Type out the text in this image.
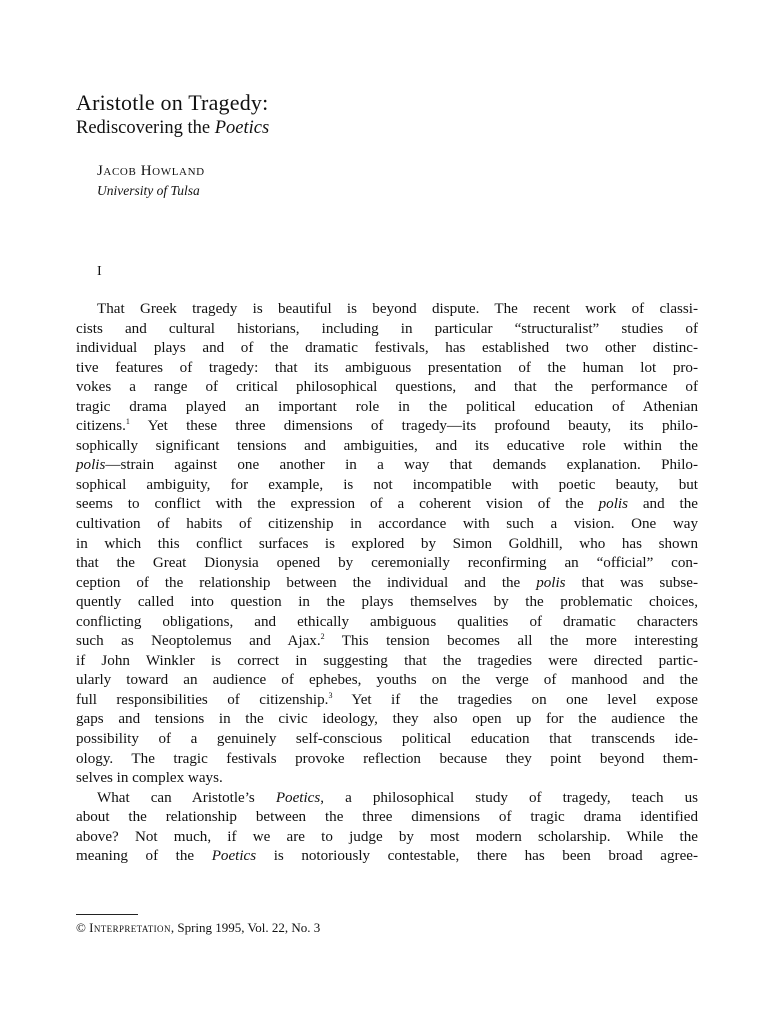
Aristotle on Tragedy:
Rediscovering the Poetics
Jacob Howland
University of Tulsa
I
That Greek tragedy is beautiful is beyond dispute. The recent work of classi-
cists and cultural historians, including in particular “structuralist” studies of
individual plays and of the dramatic festivals, has established two other distinc-
tive features of tragedy: that its ambiguous presentation of the human lot pro-
vokes a range of critical philosophical questions, and that the performance of
tragic drama played an important role in the political education of Athenian
citizens.$^1$ Yet these three dimensions of tragedy—its profound beauty, its philo-
sophically significant tensions and ambiguities, and its educative role within the
polis—strain against one another in a way that demands explanation. Philo-
sophical ambiguity, for example, is not incompatible with poetic beauty, but
seems to conflict with the expression of a coherent vision of the polis and the
cultivation of habits of citizenship in accordance with such a vision. One way
in which this conflict surfaces is explored by Simon Goldhill, who has shown
that the Great Dionysia opened by ceremonially reconfirming an “official” con-
ception of the relationship between the individual and the polis that was subse-
quently called into question in the plays themselves by the problematic choices,
conflicting obligations, and ethically ambiguous qualities of dramatic characters
such as Neoptolemus and Ajax.$^2$ This tension becomes all the more interesting
if John Winkler is correct in suggesting that the tragedies were directed partic-
ularly toward an audience of ephebes, youths on the verge of manhood and the
full responsibilities of citizenship.$^3$ Yet if the tragedies on one level expose
gaps and tensions in the civic ideology, they also open up for the audience the
possibility of a genuinely self-conscious political education that transcends ide-
ology. The tragic festivals provoke reflection because they point beyond them-
selves in complex ways.
What can Aristotle’s Poetics, a philosophical study of tragedy, teach us
about the relationship between the three dimensions of tragic drama identified
above? Not much, if we are to judge by most modern scholarship. While the
meaning of the Poetics is notoriously contestable, there has been broad agree-
© Interpretation, Spring 1995, Vol. 22, No. 3
